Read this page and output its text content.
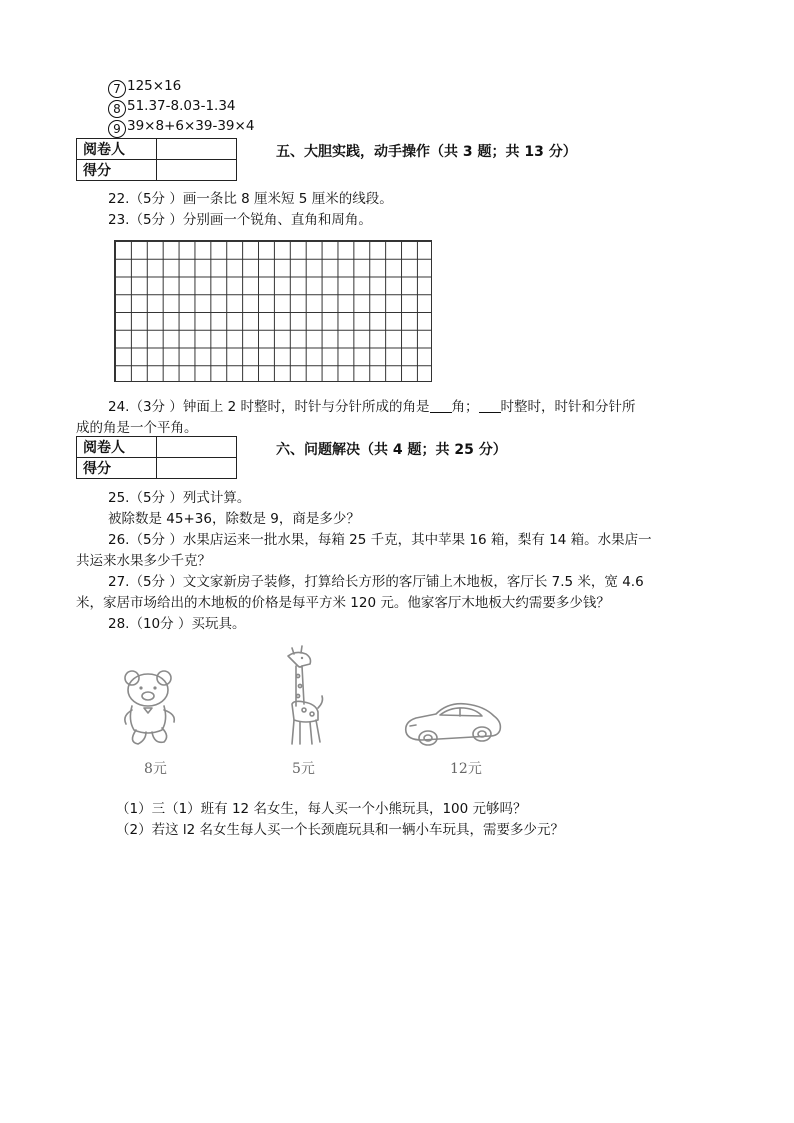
7 125×16
8 51.37-8.03-1.34
9 39×8+6×39-39×4
阅卷人	
得分	
五、大胆实践，动手操作（共 3 题；共 13 分）
22.（5分 ）画一条比 8 厘米短 5 厘米的线段。
23.（5分 ）分别画一个锐角、直角和周角。
24.（3分 ）钟面上 2 时整时，时针与分针所成的角是 角； 时整时，时针和分针所
成的角是一个平角。
阅卷人	
得分	
六、问题解决（共 4 题；共 25 分）
25.（5分 ）列式计算。
被除数是 45+36，除数是 9，商是多少？
26.（5分 ）水果店运来一批水果，每箱 25 千克，其中苹果 16 箱，梨有 14 箱。水果店一
共运来水果多少千克？
27.（5分 ）文文家新房子装修，打算给长方形的客厅铺上木地板，客厅长 7.5 米，宽 4.6
米，家居市场给出的木地板的价格是每平方米 120 元。他家客厅木地板大约需要多少钱？
28.（10分 ）买玩具。
8元	5元	12元
（1）三（1）班有 12 名女生，每人买一个小熊玩具，100 元够吗？
（2）若这 l2 名女生每人买一个长颈鹿玩具和一辆小车玩具，需要多少元？
